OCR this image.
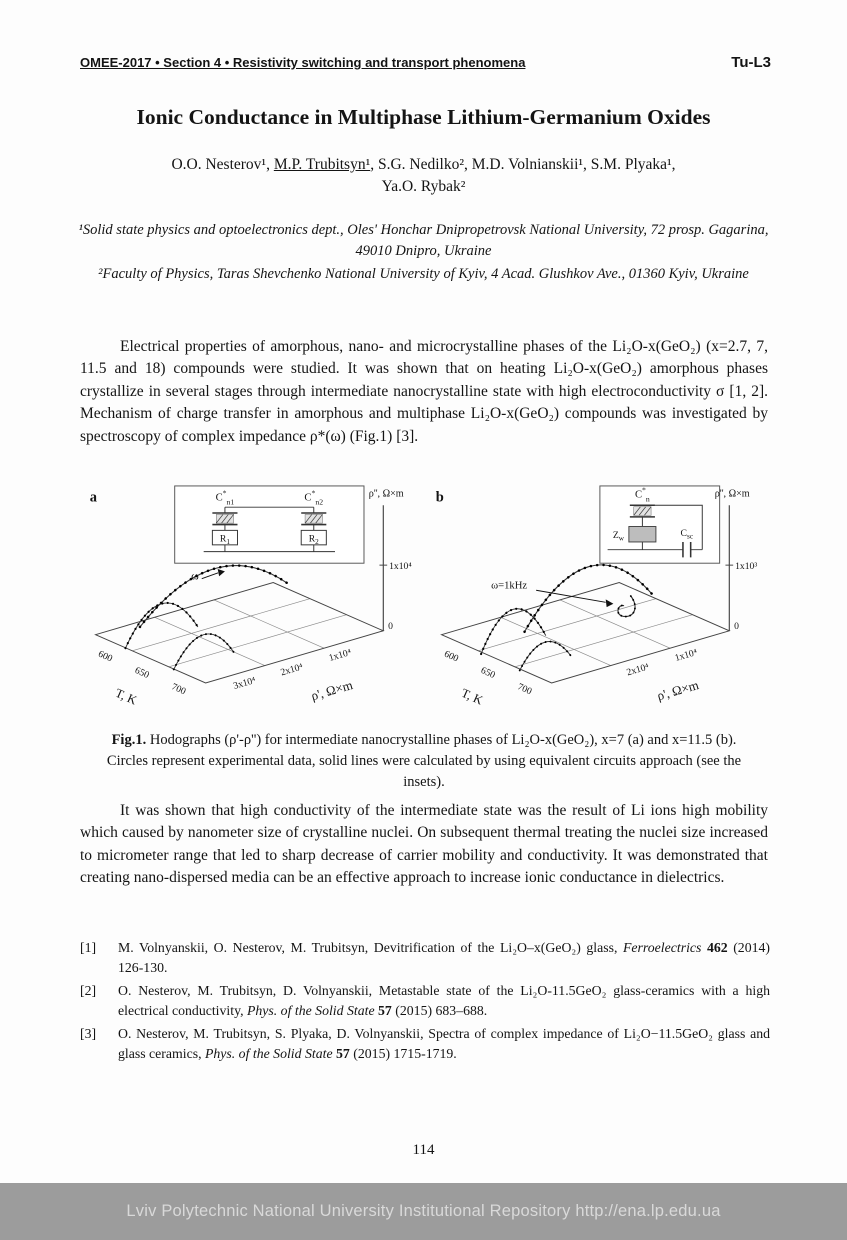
OMEE-2017 • Section 4 • Resistivity switching and transport phenomena	Tu-L3
Ionic Conductance in Multiphase Lithium-Germanium Oxides

O.O. Nesterov¹, M.P. Trubitsyn¹, S.G. Nedilko², M.D. Volnianskii¹, S.M. Plyaka¹,
Ya.O. Rybak²

¹Solid state physics and optoelectronics dept., Oles' Honchar Dnipropetrovsk National University, 72 prosp. Gagarina, 49010 Dnipro, Ukraine
²Faculty of Physics, Taras Shevchenko National University of Kyiv, 4 Acad. Glushkov Ave., 01360 Kyiv, Ukraine

Electrical properties of amorphous, nano- and microcrystalline phases of the Li₂O-x(GeO₂) (x=2.7, 7, 11.5 and 18) compounds were studied. It was shown that on heating Li₂O-x(GeO₂) amorphous phases crystallize in several stages through intermediate nanocrystalline state with high electroconductivity σ [1, 2]. Mechanism of charge transfer in amorphous and multiphase Li₂O-x(GeO₂) compounds was investigated by spectroscopy of complex impedance ρ*(ω) (Fig.1) [3].

ω
$C^*_{n1}$	$C^*_{n2}$
$R_1$	$R_2$
a	ρ'', Ω×m
1x10⁴
0
600
650
700
T, K
3x10⁴
2x10⁴
1x10⁴
ρ', Ω×m
ω=1kHz
$C^*_n$
$C_{sc}$
$Z_w$
b	ρ'', Ω×m
1x10³
0
600
650
700
T, K
2x10⁴
1x10⁴
ρ', Ω×m
Fig.1. Hodographs (ρ'-ρ'') for intermediate nanocrystalline phases of Li₂O-x(GeO₂), x=7 (a) and x=11.5 (b). Circles represent experimental data, solid lines were calculated by using equivalent circuits approach (see the insets).

It was shown that high conductivity of the intermediate state was the result of Li ions high mobility which caused by nanometer size of crystalline nuclei. On subsequent thermal treating the nuclei size increased to micrometer range that led to sharp decrease of carrier mobility and conductivity. It was demonstrated that creating nano-dispersed media can be an effective approach to increase ionic conductance in dielectrics.

[1]	M. Volnyanskii, O. Nesterov, M. Trubitsyn, Devitrification of the Li₂O–x(GeO₂) glass, Ferroelectrics 462 (2014) 126-130.
[2]	O. Nesterov, M. Trubitsyn, D. Volnyanskii, Metastable state of the Li₂O-11.5GeO₂ glass-ceramics with a high electrical conductivity, Phys. of the Solid State 57 (2015) 683–688.
[3]	O. Nesterov, M. Trubitsyn, S. Plyaka, D. Volnyanskii, Spectra of complex impedance of Li₂O−11.5GeO₂ glass and glass ceramics, Phys. of the Solid State 57 (2015) 1715-1719.
114
Lviv Polytechnic National University Institutional Repository http://ena.lp.edu.ua
